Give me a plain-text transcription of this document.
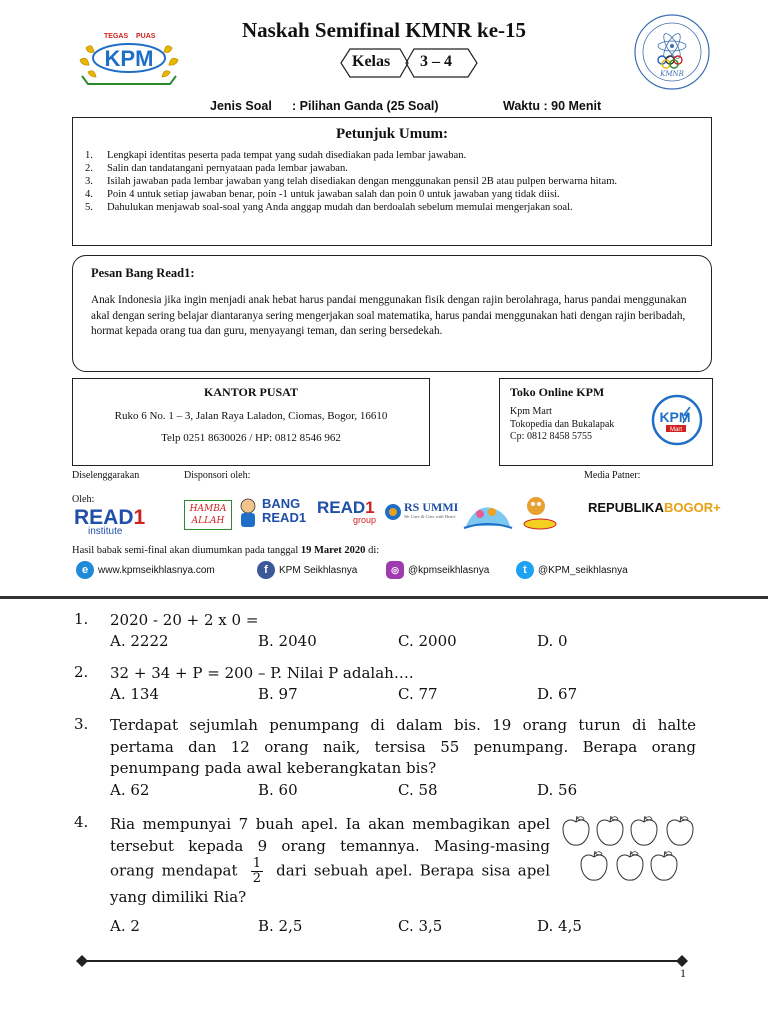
Naskah Semifinal KMNR ke-15
KPM
TEGAS PUAS
IKHLAS
KMNR
Kelas 3 – 4
Jenis Soal : Pilihan Ganda (25 Soal)	Waktu : 90 Menit
Petunjuk Umum:
1.	Lengkapi identitas peserta pada tempat yang sudah disediakan pada lembar jawaban.
2.	Salin dan tandatangani pernyataan pada lembar jawaban.
3.	Isilah jawaban pada lembar jawaban yang telah disediakan dengan menggunakan pensil 2B atau pulpen berwarna hitam.
4.	Poin 4 untuk setiap jawaban benar, poin -1 untuk jawaban salah dan poin 0 untuk jawaban yang tidak diisi.
5.	Dahulukan menjawab soal-soal yang Anda anggap mudah dan berdoalah sebelum memulai mengerjakan soal.
Pesan Bang Read1:

Anak Indonesia jika ingin menjadi anak hebat harus pandai menggunakan fisik dengan rajin berolahraga, harus pandai menggunakan akal dengan sering belajar diantaranya sering mengerjakan soal matematika, harus pandai menggunakan hati dengan rajin beribadah, hormat kepada orang tua dan guru, menyayangi teman, dan sering bersedekah.

KANTOR PUSAT
Ruko 6 No. 1 – 3, Jalan Raya Laladon, Ciomas, Bogor, 16610
Telp 0251 8630026 / HP: 0812 8546 962
Toko Online KPM
Kpm Mart
Tokopedia dan Bukalapak
Cp: 0812 8458 5755
KPM
Mart
Diselenggarakan
Oleh:
Disponsori oleh:	Media Patner:
READ1
institute
HAMBA
ALLAH
BANG
READ1
READ1
group
RS UMMI
We Care & Cure with Heart
REPUBLIKA BOGOR+
Hasil babak semi-final akan diumumkan pada tanggal 19 Maret 2020 di:
e www.kpmseikhlasnya.com	f	KPM Seikhlasnya	◎ @kpmseikhlasnya	t	@KPM_seikhlasnya
1. 2020 - 20 + 2 x 0 =
A. 2222	B. 2040	C. 2000	D. 0
2. 32 + 34 + P = 200 – P. Nilai P adalah….
A. 134	B. 97	C. 77	D. 67
3. Terdapat sejumlah penumpang di dalam bis. 19 orang turun di halte pertama dan 12 orang naik, tersisa 55 penumpang. Berapa orang penumpang pada awal keberangkatan bis?
A. 62	B. 60	C. 58	D. 56
4. Ria mempunyai 7 buah apel. Ia akan membagikan apel tersebut kepada 9 orang temannya. Masing-masing orang mendapat $\frac{1}{2}$ dari sebuah apel. Berapa sisa apel yang dimiliki Ria?
A. 2	B. 2,5	C. 3,5	D. 4,5
1
